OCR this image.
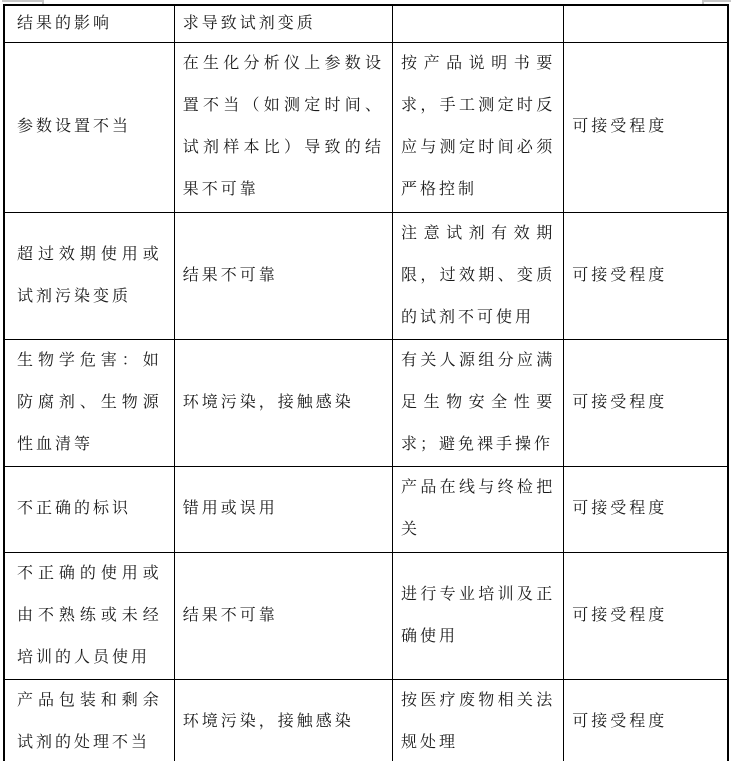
结果的影响	求导致试剂变质		
参数设置不当	在生化分析仪上参数设置不当（如测定时间、试剂样本比）导致的结果不可靠	按产品说明书要求，手工测定时反应与测定时间必须严格控制	可接受程度
超过效期使用或试剂污染变质	结果不可靠	注意试剂有效期限，过效期、变质的试剂不可使用	可接受程度
生物学危害：如防腐剂、生物源性血清等	环境污染，接触感染	有关人源组分应满足生物安全性要求；避免裸手操作	可接受程度
不正确的标识	错用或误用	产品在线与终检把关	可接受程度
不正确的使用或由不熟练或未经培训的人员使用	结果不可靠	进行专业培训及正确使用	可接受程度
产品包装和剩余试剂的处理不当	环境污染，接触感染	按医疗废物相关法规处理	可接受程度
